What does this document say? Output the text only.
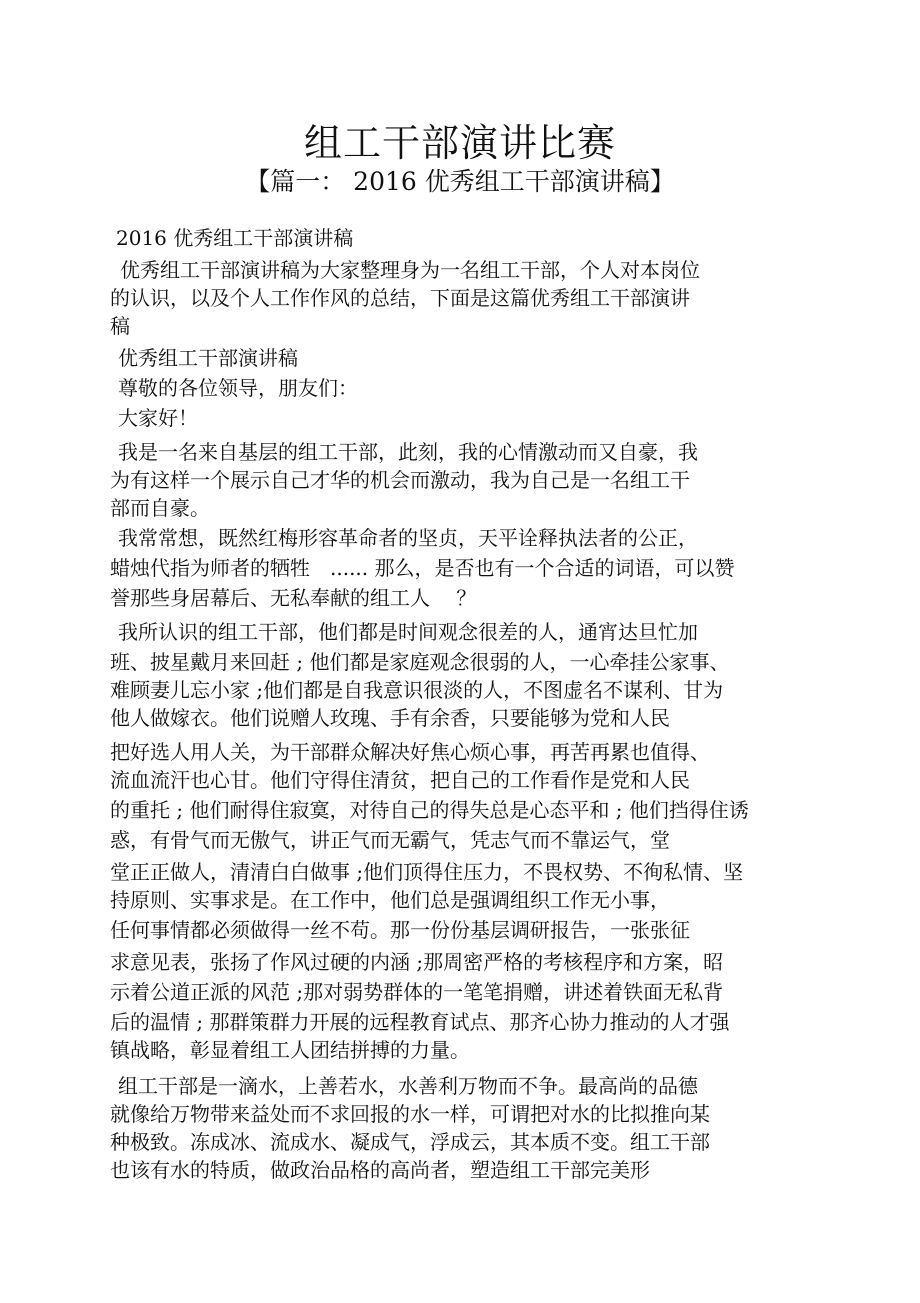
组工干部演讲比赛
【篇一： 2016 优秀组工干部演讲稿】
2016 优秀组工干部演讲稿
优秀组工干部演讲稿为大家整理身为一名组工干部，个人对本岗位
的认识，以及个人工作作风的总结，下面是这篇优秀组工干部演讲
稿
优秀组工干部演讲稿
尊敬的各位领导，朋友们：
大家好！
我是一名来自基层的组工干部，此刻，我的心情激动而又自豪，我
为有这样一个展示自己才华的机会而激动，我为自己是一名组工干
部而自豪。
我常常想，既然红梅形容革命者的坚贞，天平诠释执法者的公正，
蜡烛代指为师者的牺牲　...... 那么，是否也有一个合适的词语，可以赞
誉那些身居幕后、无私奉献的组工人　 ？
我所认识的组工干部，他们都是时间观念很差的人，通宵达旦忙加
班、披星戴月来回赶 ; 他们都是家庭观念很弱的人，一心牵挂公家事、
难顾妻儿忘小家 ;他们都是自我意识很淡的人，不图虚名不谋利、甘为
他人做嫁衣。他们说赠人玫瑰、手有余香，只要能够为党和人民
把好选人用人关，为干部群众解决好焦心烦心事，再苦再累也值得、
流血流汗也心甘。他们守得住清贫，把自己的工作看作是党和人民
的重托 ; 他们耐得住寂寞，对待自己的得失总是心态平和 ; 他们挡得住诱
惑，有骨气而无傲气，讲正气而无霸气，凭志气而不靠运气，堂
堂正正做人，清清白白做事 ;他们顶得住压力，不畏权势、不徇私情、坚
持原则、实事求是。在工作中，他们总是强调组织工作无小事，
任何事情都必须做得一丝不苟。那一份份基层调研报告，一张张征
求意见表，张扬了作风过硬的内涵 ;那周密严格的考核程序和方案，昭
示着公道正派的风范 ;那对弱势群体的一笔笔捐赠，讲述着铁面无私背
后的温情 ; 那群策群力开展的远程教育试点、那齐心协力推动的人才强
镇战略，彰显着组工人团结拼搏的力量。
组工干部是一滴水，上善若水，水善利万物而不争。最高尚的品德
就像给万物带来益处而不求回报的水一样，可谓把对水的比拟推向某
种极致。冻成冰、流成水、凝成气，浮成云，其本质不变。组工干部
也该有水的特质，做政治品格的高尚者，塑造组工干部完美形
